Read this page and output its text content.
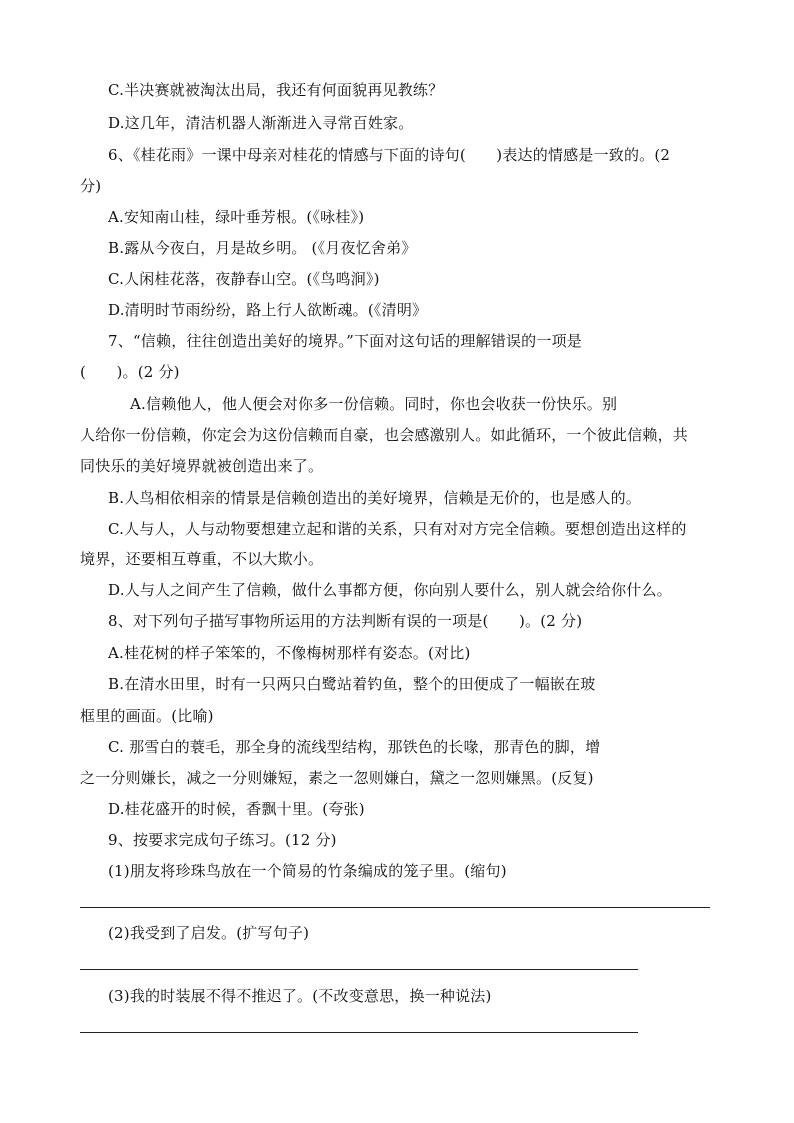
C.半决赛就被淘汰出局，我还有何面貌再见教练？
D.这几年，清洁机器人渐渐进入寻常百姓家。
6、《桂花雨》一课中母亲对桂花的情感与下面的诗句(　　)表达的情感是一致的。(2
分)
A.安知南山桂，绿叶垂芳根。(《咏桂》)
B.露从今夜白，月是故乡明。 (《月夜忆舍弟》
C.人闲桂花落，夜静春山空。(《鸟鸣涧》)
D.清明时节雨纷纷，路上行人欲断魂。(《清明》
7、“信赖，往往创造出美好的境界。”下面对这句话的理解错误的一项是
(　　)。(2 分)
A.信赖他人，他人便会对你多一份信赖。同时，你也会收获一份快乐。别
人给你一份信赖，你定会为这份信赖而自豪，也会感激别人。如此循环，一个彼此信赖，共
同快乐的美好境界就被创造出来了。
B.人鸟相依相亲的情景是信赖创造出的美好境界，信赖是无价的，也是感人的。
C.人与人，人与动物要想建立起和谐的关系，只有对对方完全信赖。要想创造出这样的
境界，还要相互尊重，不以大欺小。
D.人与人之间产生了信赖，做什么事都方便，你向别人要什么，别人就会给你什么。
8、对下列句子描写事物所运用的方法判断有误的一项是(　　)。(2 分)
A.桂花树的样子笨笨的，不像梅树那样有姿态。(对比)
B.在清水田里，时有一只两只白鹭站着钓鱼，整个的田便成了一幅嵌在玻
框里的画面。(比喻)
C. 那雪白的蓑毛，那全身的流线型结构，那铁色的长喙，那青色的脚，增
之一分则嫌长，减之一分则嫌短，素之一忽则嫌白，黛之一忽则嫌黑。(反复)
D.桂花盛开的时候，香飘十里。(夸张)
9、按要求完成句子练习。(12 分)
(1)朋友将珍珠鸟放在一个简易的竹条编成的笼子里。(缩句)
(2)我受到了启发。(扩写句子)
(3)我的时装展不得不推迟了。(不改变意思，换一种说法)
